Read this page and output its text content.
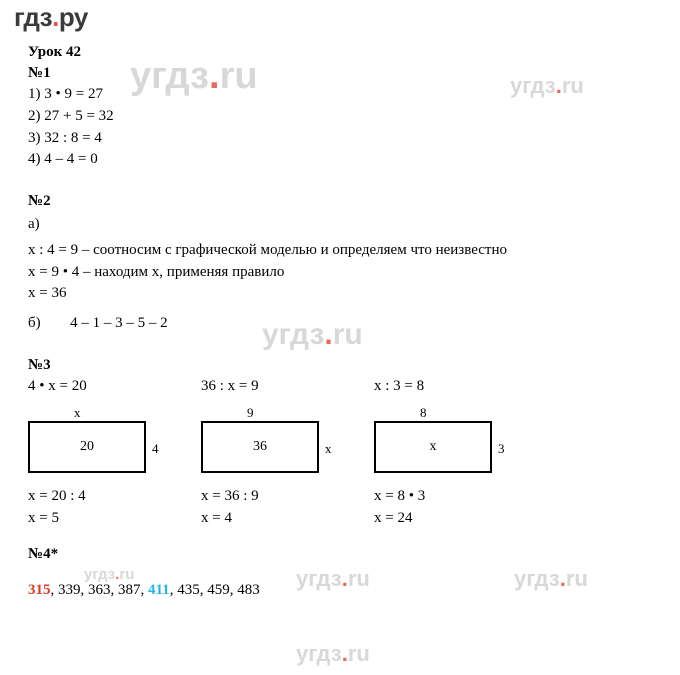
гдз.ру
угдз.ru	угдз.ru
угдз.ru
угдз.ru	угдз.ru	угдз.ru
угдз.ru

Урок 42

№1

1) 3 • 9 = 27

2) 27 + 5 = 32

3) 32 : 8 = 4

4) 4 – 4 = 0

№2

а)

x : 4 = 9 – соотносим с графической моделью и определяем что неизвестно

x = 9 • 4 – находим x, применяя правило

x = 36

б) 4 – 1 – 3 – 5 – 2

№3

4 • x = 20
x
20	4
x = 20 : 4
x = 5
36 : x = 9
9
36	x
x = 36 : 9
x = 4
x : 3 = 8
8
x	3
x = 8 • 3
x = 24

№4*

315, 339, 363, 387, 411, 435, 459, 483
